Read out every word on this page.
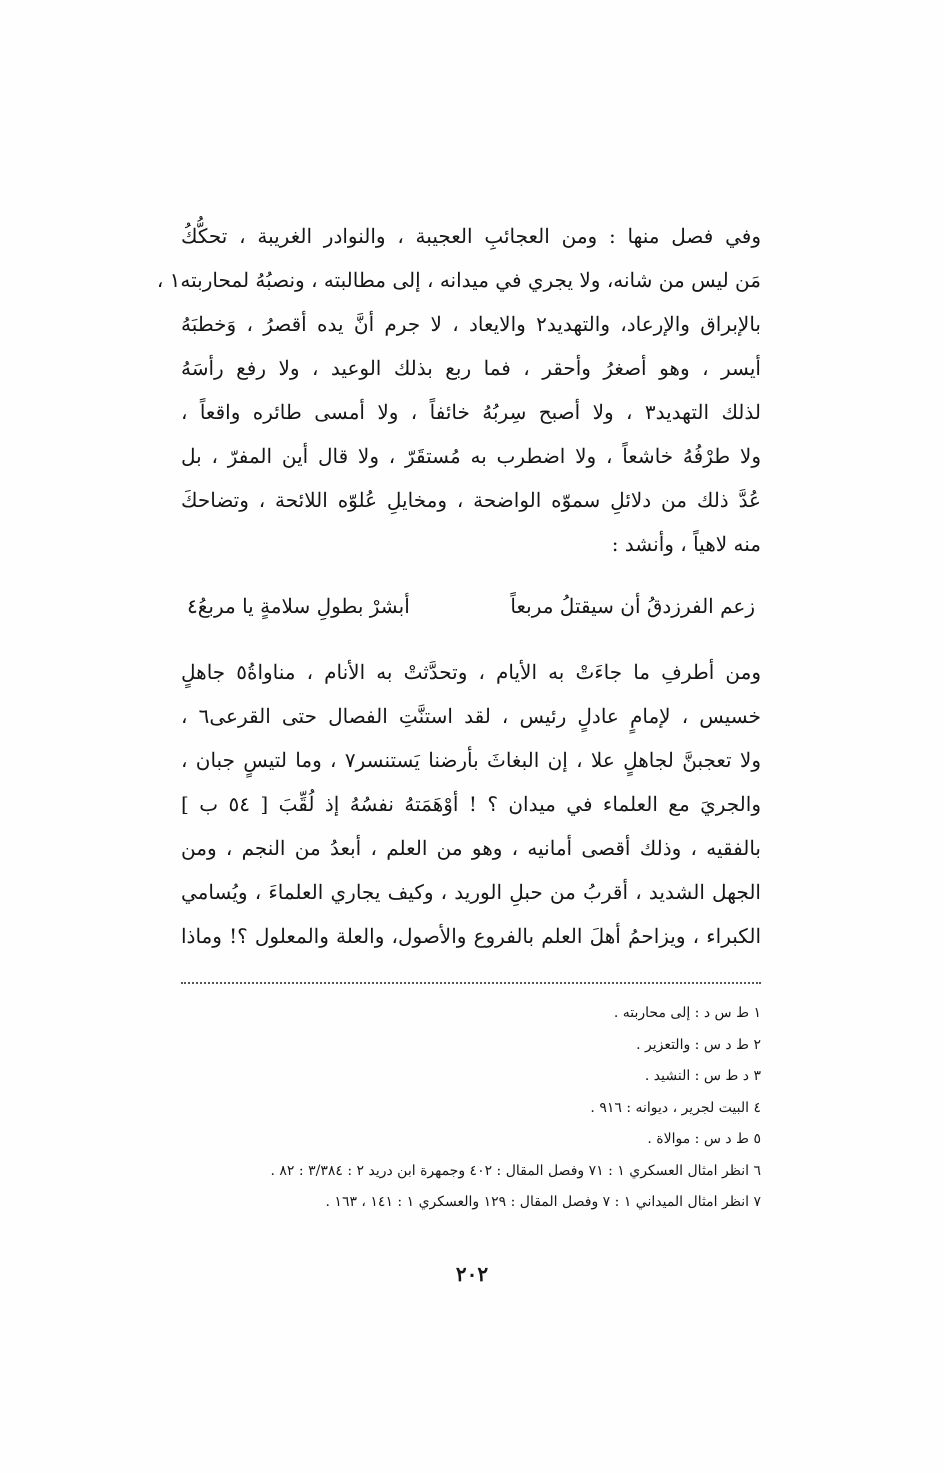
وفي فصل منها : ومن العجائبِ العجيبة ، والنوادر الغريبة ، تحكُّكُ
مَن ليس من شانه، ولا يجري في ميدانه ، إلى مطالبته ، ونصبُهُ لمحاربته١ ،
بالإبراق والإرعاد، والتهديد٢ والايعاد ، لا جرم أنَّ يده أقصرُ ، وَخطبَهُ
أيسر ، وهو أصغرُ وأحقر ، فما ربع بذلك الوعيد ، ولا رفع رأسَهُ
لذلك التهديد٣ ، ولا أصبح سِربُهُ خائفاً ، ولا أمسى طائره واقعاً ،
ولا طرْفُهُ خاشعاً ، ولا اضطرب به مُستقَرّ ، ولا قال أين المفرّ ، بل
عُدَّ ذلك من دلائلِ سموّه الواضحة ، ومخايلِ عُلوّه اللائحة ، وتضاحكَ
منه لاهياً ، وأنشد :
زعم الفرزدقُ أن سيقتلُ مربعاً
أبشرْ بطولِ سلامةٍ يا مربعُ٤
ومن أطرفِ ما جاءَتْ به الأيام ، وتحدَّثتْ به الأنام ، مناواةُ٥ جاهلٍ
خسيس ، لإمامٍ عادلٍ رئيس ، لقد استنَّتِ الفصال حتى القرعى٦ ،
ولا تعجبنَّ لجاهلٍ علا ، إن البغاثَ بأرضنا يَستنسر٧ ، وما لتيسٍ جبان ،
والجريَ مع العلماء في ميدان ؟ ! أوْهَمَتهُ نفسُهُ إذ لُقِّبَ [ ٥٤ ب ]
بالفقيه ، وذلك أقصى أمانيه ، وهو من العلم ، أبعدُ من النجم ، ومن
الجهل الشديد ، أقربُ من حبلِ الوريد ، وكيف يجاري العلماءَ ، ويُسامي
الكبراء ، ويزاحمُ أهلَ العلم بالفروع والأصول، والعلة والمعلول ؟! وماذا
١ ط س د : إلى محاربته .
٢ ط د س : والتعزير .
٣ د ط س : النشيد .
٤ البيت لجرير ، ديوانه : ٩١٦ .
٥ ط د س : موالاة .
٦ انظر امثال العسكري ١ : ٧١ وفصل المقال : ٤٠٢ وجمهرة ابن دريد ٢ : ٣/٣٨٤ : ٨٢ .
٧ انظر امثال الميداني ١ : ٧ وفصل المقال : ١٢٩ والعسكري ١ : ١٤١ ، ١٦٣ .
٢٠٢
